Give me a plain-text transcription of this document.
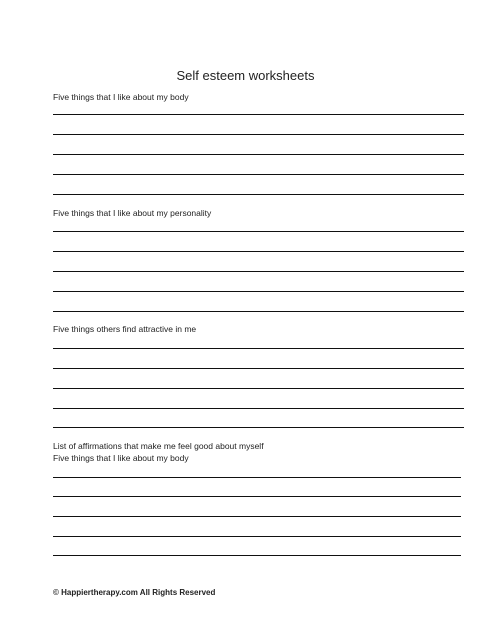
Self esteem worksheets
Five things that I like about my body
Five things that I like about my personality
Five things others find attractive in me
List of affirmations that make me feel good about myself
Five things that I like about my body
© Happiertherapy.com All Rights Reserved
